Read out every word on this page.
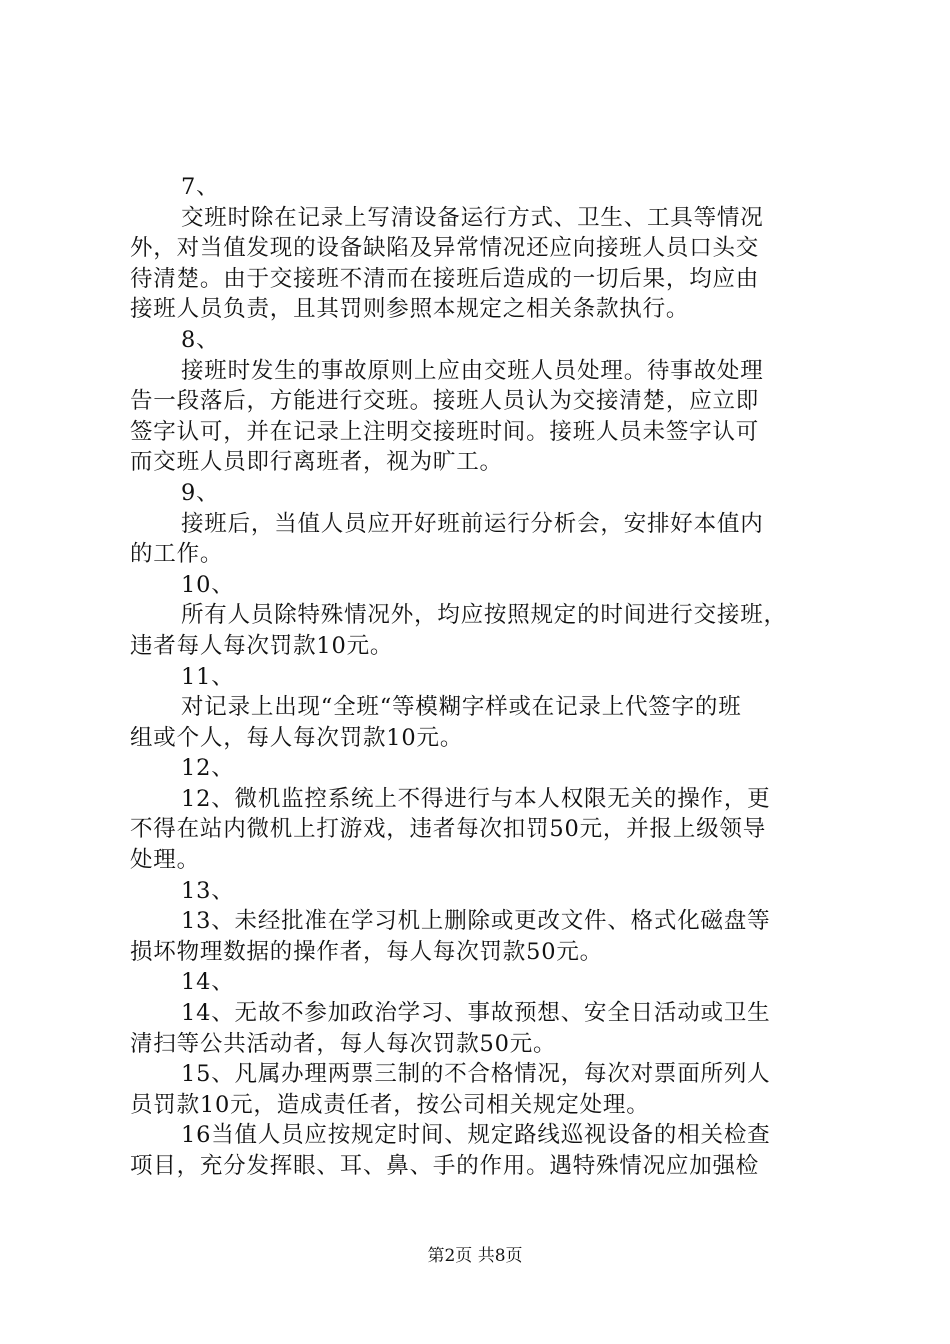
7、

交班时除在记录上写清设备运行方式、卫生、工具等情况

外，对当值发现的设备缺陷及异常情况还应向接班人员口头交

待清楚。由于交接班不清而在接班后造成的一切后果，均应由

接班人员负责，且其罚则参照本规定之相关条款执行。

8、

接班时发生的事故原则上应由交班人员处理。待事故处理

告一段落后，方能进行交班。接班人员认为交接清楚，应立即

签字认可，并在记录上注明交接班时间。接班人员未签字认可

而交班人员即行离班者，视为旷工。

9、

接班后，当值人员应开好班前运行分析会，安排好本值内

的工作。

10、

所有人员除特殊情况外，均应按照规定的时间进行交接班，

违者每人每次罚款10元。

11、

对记录上出现“全班“等模糊字样或在记录上代签字的班

组或个人，每人每次罚款10元。

12、

12、微机监控系统上不得进行与本人权限无关的操作，更

不得在站内微机上打游戏，违者每次扣罚50元，并报上级领导

处理。

13、

13、未经批准在学习机上删除或更改文件、格式化磁盘等

损坏物理数据的操作者，每人每次罚款50元。

14、

14、无故不参加政治学习、事故预想、安全日活动或卫生

清扫等公共活动者，每人每次罚款50元。

15、凡属办理两票三制的不合格情况，每次对票面所列人

员罚款10元，造成责任者，按公司相关规定处理。

16当值人员应按规定时间、规定路线巡视设备的相关检查

项目，充分发挥眼、耳、鼻、手的作用。遇特殊情况应加强检

第2页 共8页
